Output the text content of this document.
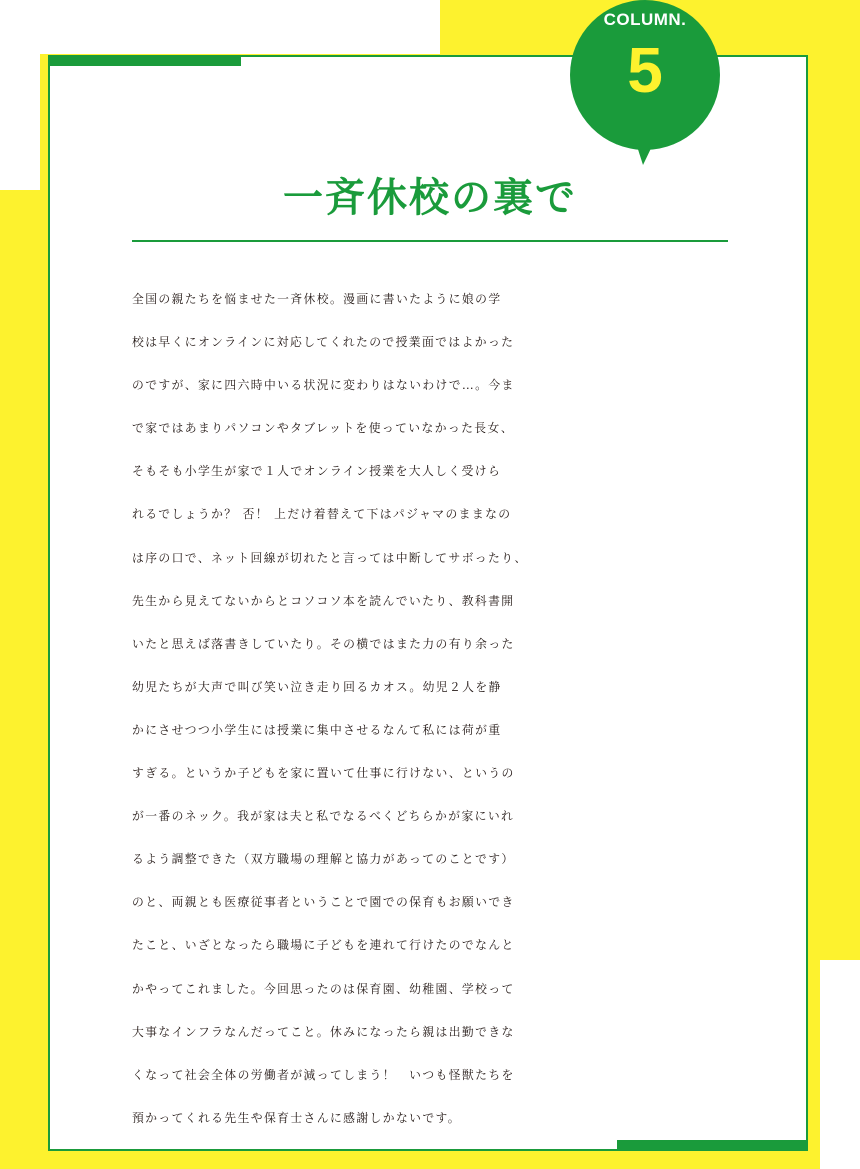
COLUMN.
5
一斉休校の裏で
全国の親たちを悩ませた一斉休校。漫画に書いたように娘の学
校は早くにオンラインに対応してくれたので授業面ではよかった
のですが、家に四六時中いる状況に変わりはないわけで…。今ま
で家ではあまりパソコンやタブレットを使っていなかった長女、
そもそも小学生が家で１人でオンライン授業を大人しく受けら
れるでしょうか？ 否！ 上だけ着替えて下はパジャマのままなの
は序の口で、ネット回線が切れたと言っては中断してサボったり、
先生から見えてないからとコソコソ本を読んでいたり、教科書開
いたと思えば落書きしていたり。その横ではまた力の有り余った
幼児たちが大声で叫び笑い泣き走り回るカオス。幼児２人を静
かにさせつつ小学生には授業に集中させるなんて私には荷が重
すぎる。というか子どもを家に置いて仕事に行けない、というの
が一番のネック。我が家は夫と私でなるべくどちらかが家にいれ
るよう調整できた（双方職場の理解と協力があってのことです）
のと、両親とも医療従事者ということで園での保育もお願いでき
たこと、いざとなったら職場に子どもを連れて行けたのでなんと
かやってこれました。今回思ったのは保育園、幼稚園、学校って
大事なインフラなんだってこと。休みになったら親は出勤できな
くなって社会全体の労働者が減ってしまう！　いつも怪獣たちを
預かってくれる先生や保育士さんに感謝しかないです。
